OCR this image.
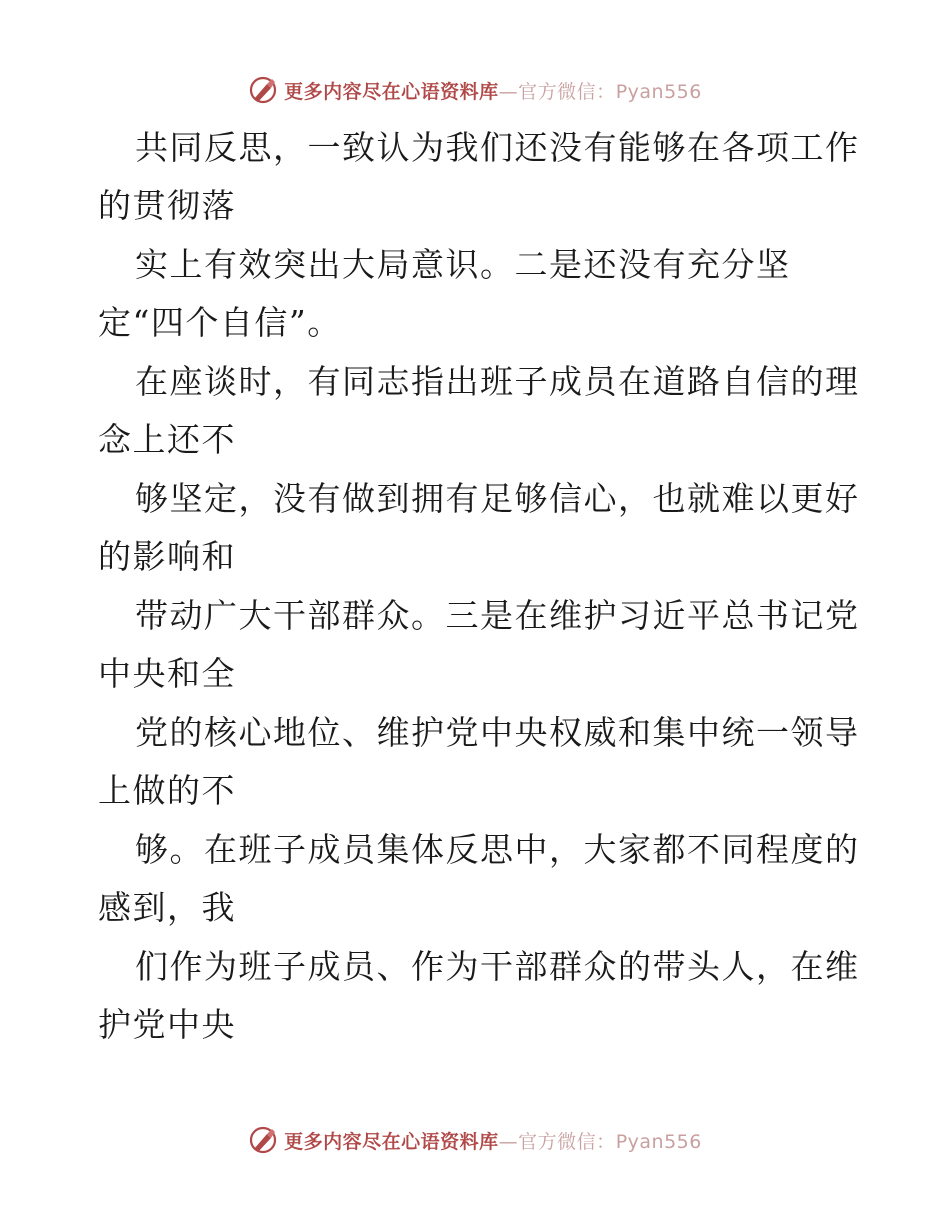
更多内容尽在心语资料库—官方微信：Pyan556
共同反思，一致认为我们还没有能够在各项工作
的贯彻落
实上有效突出大局意识。二是还没有充分坚
定“四个自信”。
在座谈时，有同志指出班子成员在道路自信的理
念上还不
够坚定，没有做到拥有足够信心，也就难以更好
的影响和
带动广大干部群众。三是在维护习近平总书记党
中央和全
党的核心地位、维护党中央权威和集中统一领导
上做的不
够。在班子成员集体反思中，大家都不同程度的
感到，我
们作为班子成员、作为干部群众的带头人，在维
护党中央
更多内容尽在心语资料库—官方微信：Pyan556
